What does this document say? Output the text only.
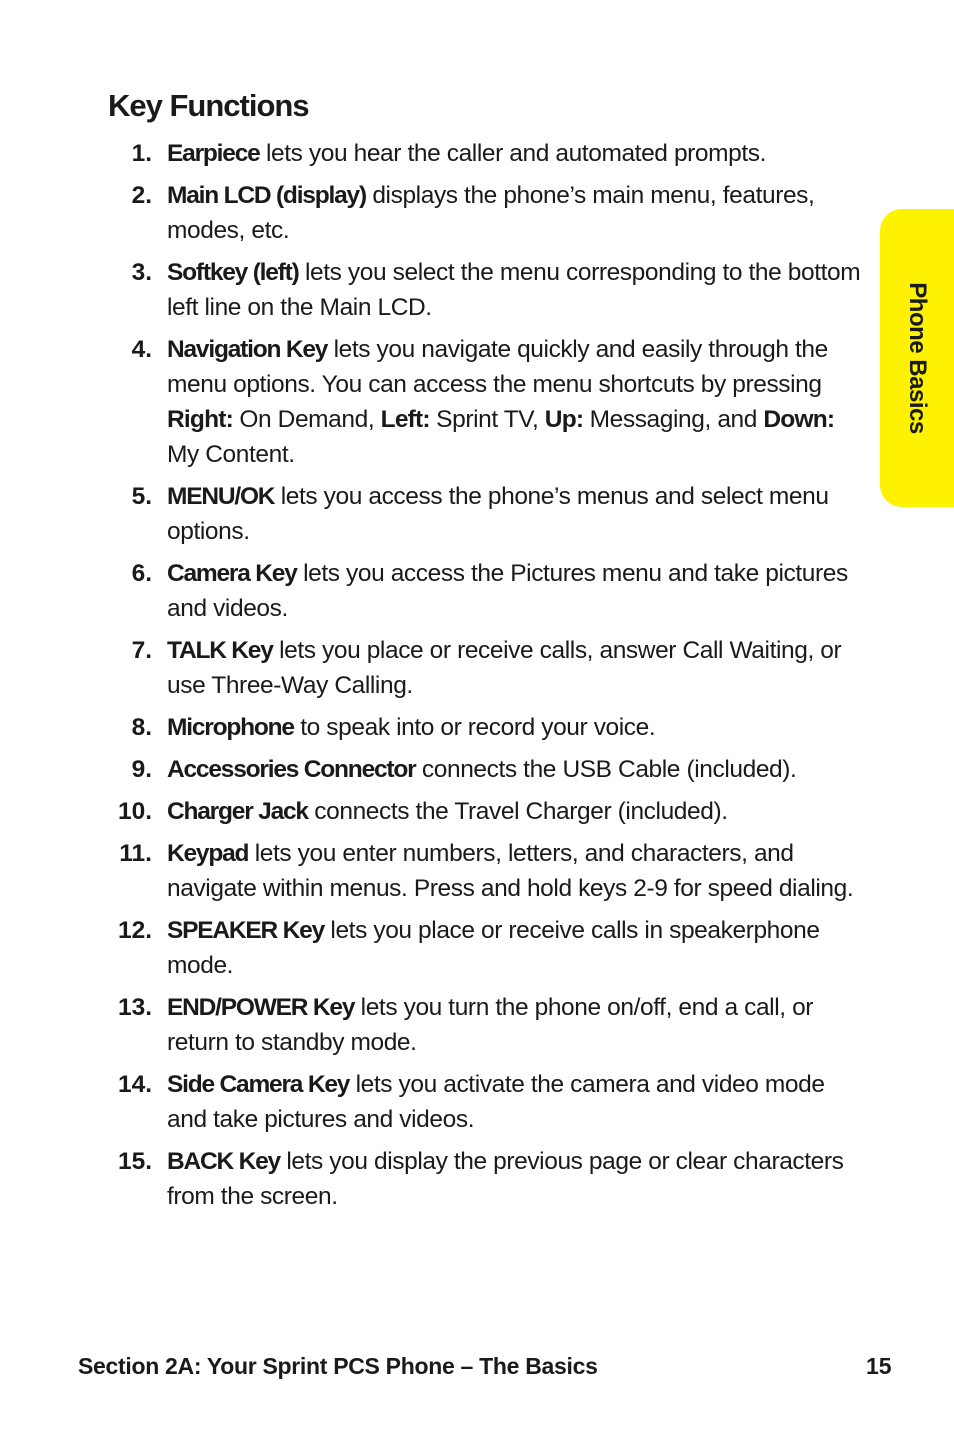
Key Functions
1. Earpiece lets you hear the caller and automated prompts.
2. Main LCD (display) displays the phone’s main menu, features, modes, etc.
3. Softkey (left) lets you select the menu corresponding to the bottom left line on the Main LCD.
4. Navigation Key lets you navigate quickly and easily through the menu options. You can access the menu shortcuts by pressing Right: On Demand, Left: Sprint TV, Up: Messaging, and Down: My Content.
5. MENU/OK lets you access the phone’s menus and select menu options.
6. Camera Key lets you access the Pictures menu and take pictures and videos.
7. TALK Key lets you place or receive calls, answer Call Waiting, or use Three-Way Calling.
8. Microphone to speak into or record your voice.
9. Accessories Connector connects the USB Cable (included).
10. Charger Jack connects the Travel Charger (included).
11. Keypad lets you enter numbers, letters, and characters, and navigate within menus. Press and hold keys 2-9 for speed dialing.
12. SPEAKER Key lets you place or receive calls in speakerphone mode.
13. END/POWER Key lets you turn the phone on/off, end a call, or return to standby mode.
14. Side Camera Key lets you activate the camera and video mode and take pictures and videos.
15. BACK Key lets you display the previous page or clear characters from the screen.
Phone Basics
Section 2A: Your Sprint PCS Phone – The Basics	15
